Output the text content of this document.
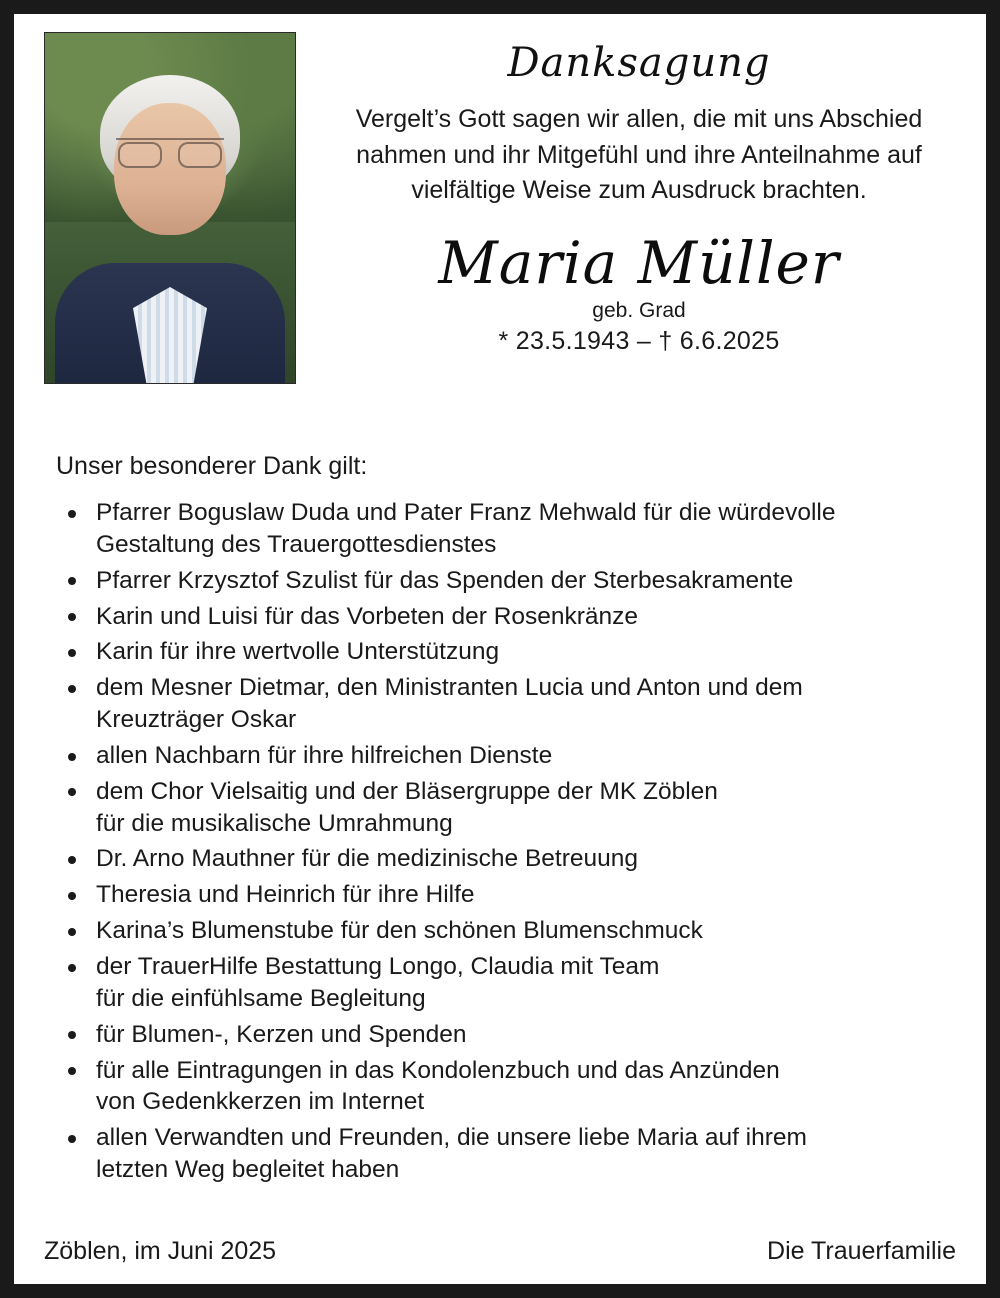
Danksagung
Vergelt’s Gott sagen wir allen, die mit uns Abschied nahmen und ihr Mitgefühl und ihre Anteilnahme auf vielfältige Weise zum Ausdruck brachten.
Maria Müller
geb. Grad
* 23.5.1943 – † 6.6.2025
Unser besonderer Dank gilt:
Pfarrer Boguslaw Duda und Pater Franz Mehwald für die würdevolle
Gestaltung des Trauergottesdienstes
Pfarrer Krzysztof Szulist für das Spenden der Sterbesakramente
Karin und Luisi für das Vorbeten der Rosenkränze
Karin für ihre wertvolle Unterstützung
dem Mesner Dietmar, den Ministranten Lucia und Anton und dem
Kreuzträger Oskar
allen Nachbarn für ihre hilfreichen Dienste
dem Chor Vielsaitig und der Bläsergruppe der MK Zöblen
für die musikalische Umrahmung
Dr. Arno Mauthner für die medizinische Betreuung
Theresia und Heinrich für ihre Hilfe
Karina’s Blumenstube für den schönen Blumenschmuck
der TrauerHilfe Bestattung Longo, Claudia mit Team
für die einfühlsame Begleitung
für Blumen-, Kerzen und Spenden
für alle Eintragungen in das Kondolenzbuch und das Anzünden
von Gedenkkerzen im Internet
allen Verwandten und Freunden, die unsere liebe Maria auf ihrem
letzten Weg begleitet haben
Zöblen, im Juni 2025	Die Trauerfamilie
